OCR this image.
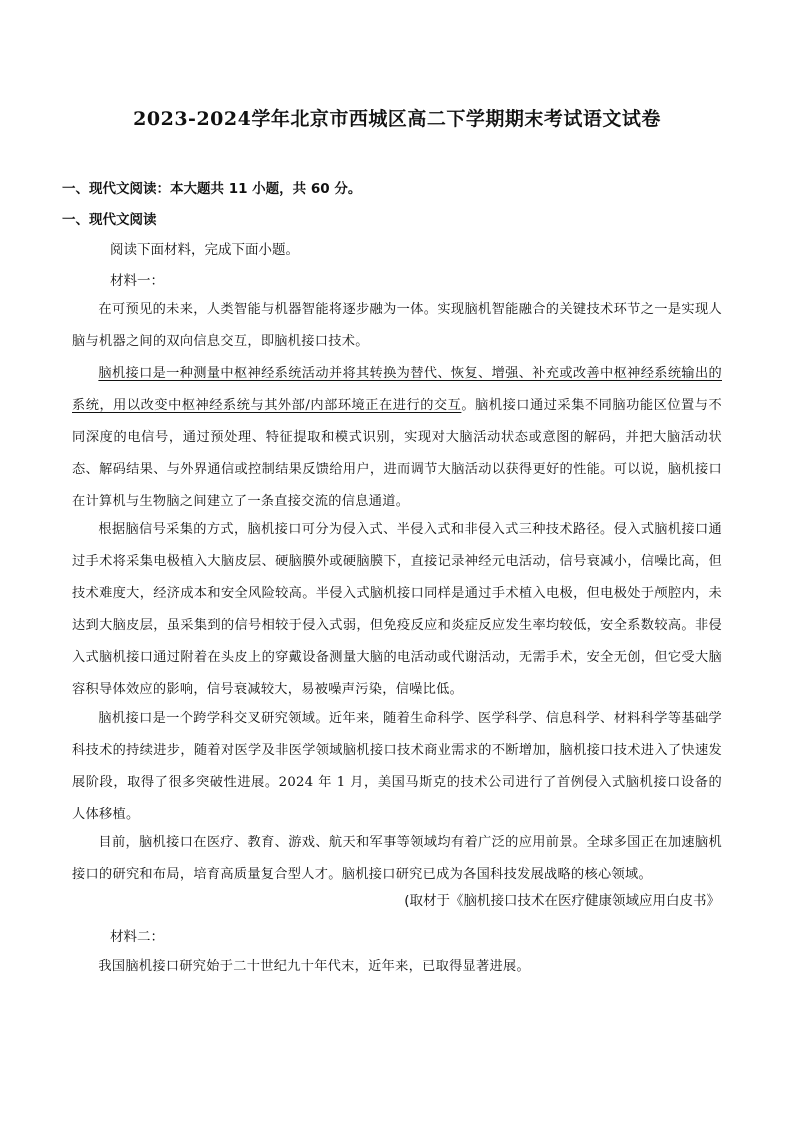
2023-2024学年北京市西城区高二下学期期末考试语文试卷
一、现代文阅读：本大题共 11 小题，共 60 分。
一、现代文阅读
阅读下面材料，完成下面小题。
材料一：

在可预见的未来，人类智能与机器智能将逐步融为一体。实现脑机智能融合的关键技术环节之一是实现人脑与机器之间的双向信息交互，即脑机接口技术。

脑机接口是一种测量中枢神经系统活动并将其转换为替代、恢复、增强、补充或改善中枢神经系统输出的系统，用以改变中枢神经系统与其外部/内部环境正在进行的交互。脑机接口通过采集不同脑功能区位置与不同深度的电信号，通过预处理、特征提取和模式识别，实现对大脑活动状态或意图的解码，并把大脑活动状态、解码结果、与外界通信或控制结果反馈给用户，进而调节大脑活动以获得更好的性能。可以说，脑机接口在计算机与生物脑之间建立了一条直接交流的信息通道。

根据脑信号采集的方式，脑机接口可分为侵入式、半侵入式和非侵入式三种技术路径。侵入式脑机接口通过手术将采集电极植入大脑皮层、硬脑膜外或硬脑膜下，直接记录神经元电活动，信号衰减小，信噪比高，但技术难度大，经济成本和安全风险较高。半侵入式脑机接口同样是通过手术植入电极，但电极处于颅腔内，未达到大脑皮层，虽采集到的信号相较于侵入式弱，但免疫反应和炎症反应发生率均较低，安全系数较高。非侵入式脑机接口通过附着在头皮上的穿戴设备测量大脑的电活动或代谢活动，无需手术，安全无创，但它受大脑容积导体效应的影响，信号衰减较大，易被噪声污染，信噪比低。

脑机接口是一个跨学科交叉研究领域。近年来，随着生命科学、医学科学、信息科学、材料科学等基础学科技术的持续进步，随着对医学及非医学领域脑机接口技术商业需求的不断增加，脑机接口技术进入了快速发展阶段，取得了很多突破性进展。2024 年 1 月，美国马斯克的技术公司进行了首例侵入式脑机接口设备的人体移植。

目前，脑机接口在医疗、教育、游戏、航天和军事等领域均有着广泛的应用前景。全球多国正在加速脑机接口的研究和布局，培育高质量复合型人才。脑机接口研究已成为各国科技发展战略的核心领域。

(取材于《脑机接口技术在医疗健康领域应用白皮书》
材料二：

我国脑机接口研究始于二十世纪九十年代末，近年来，已取得显著进展。
